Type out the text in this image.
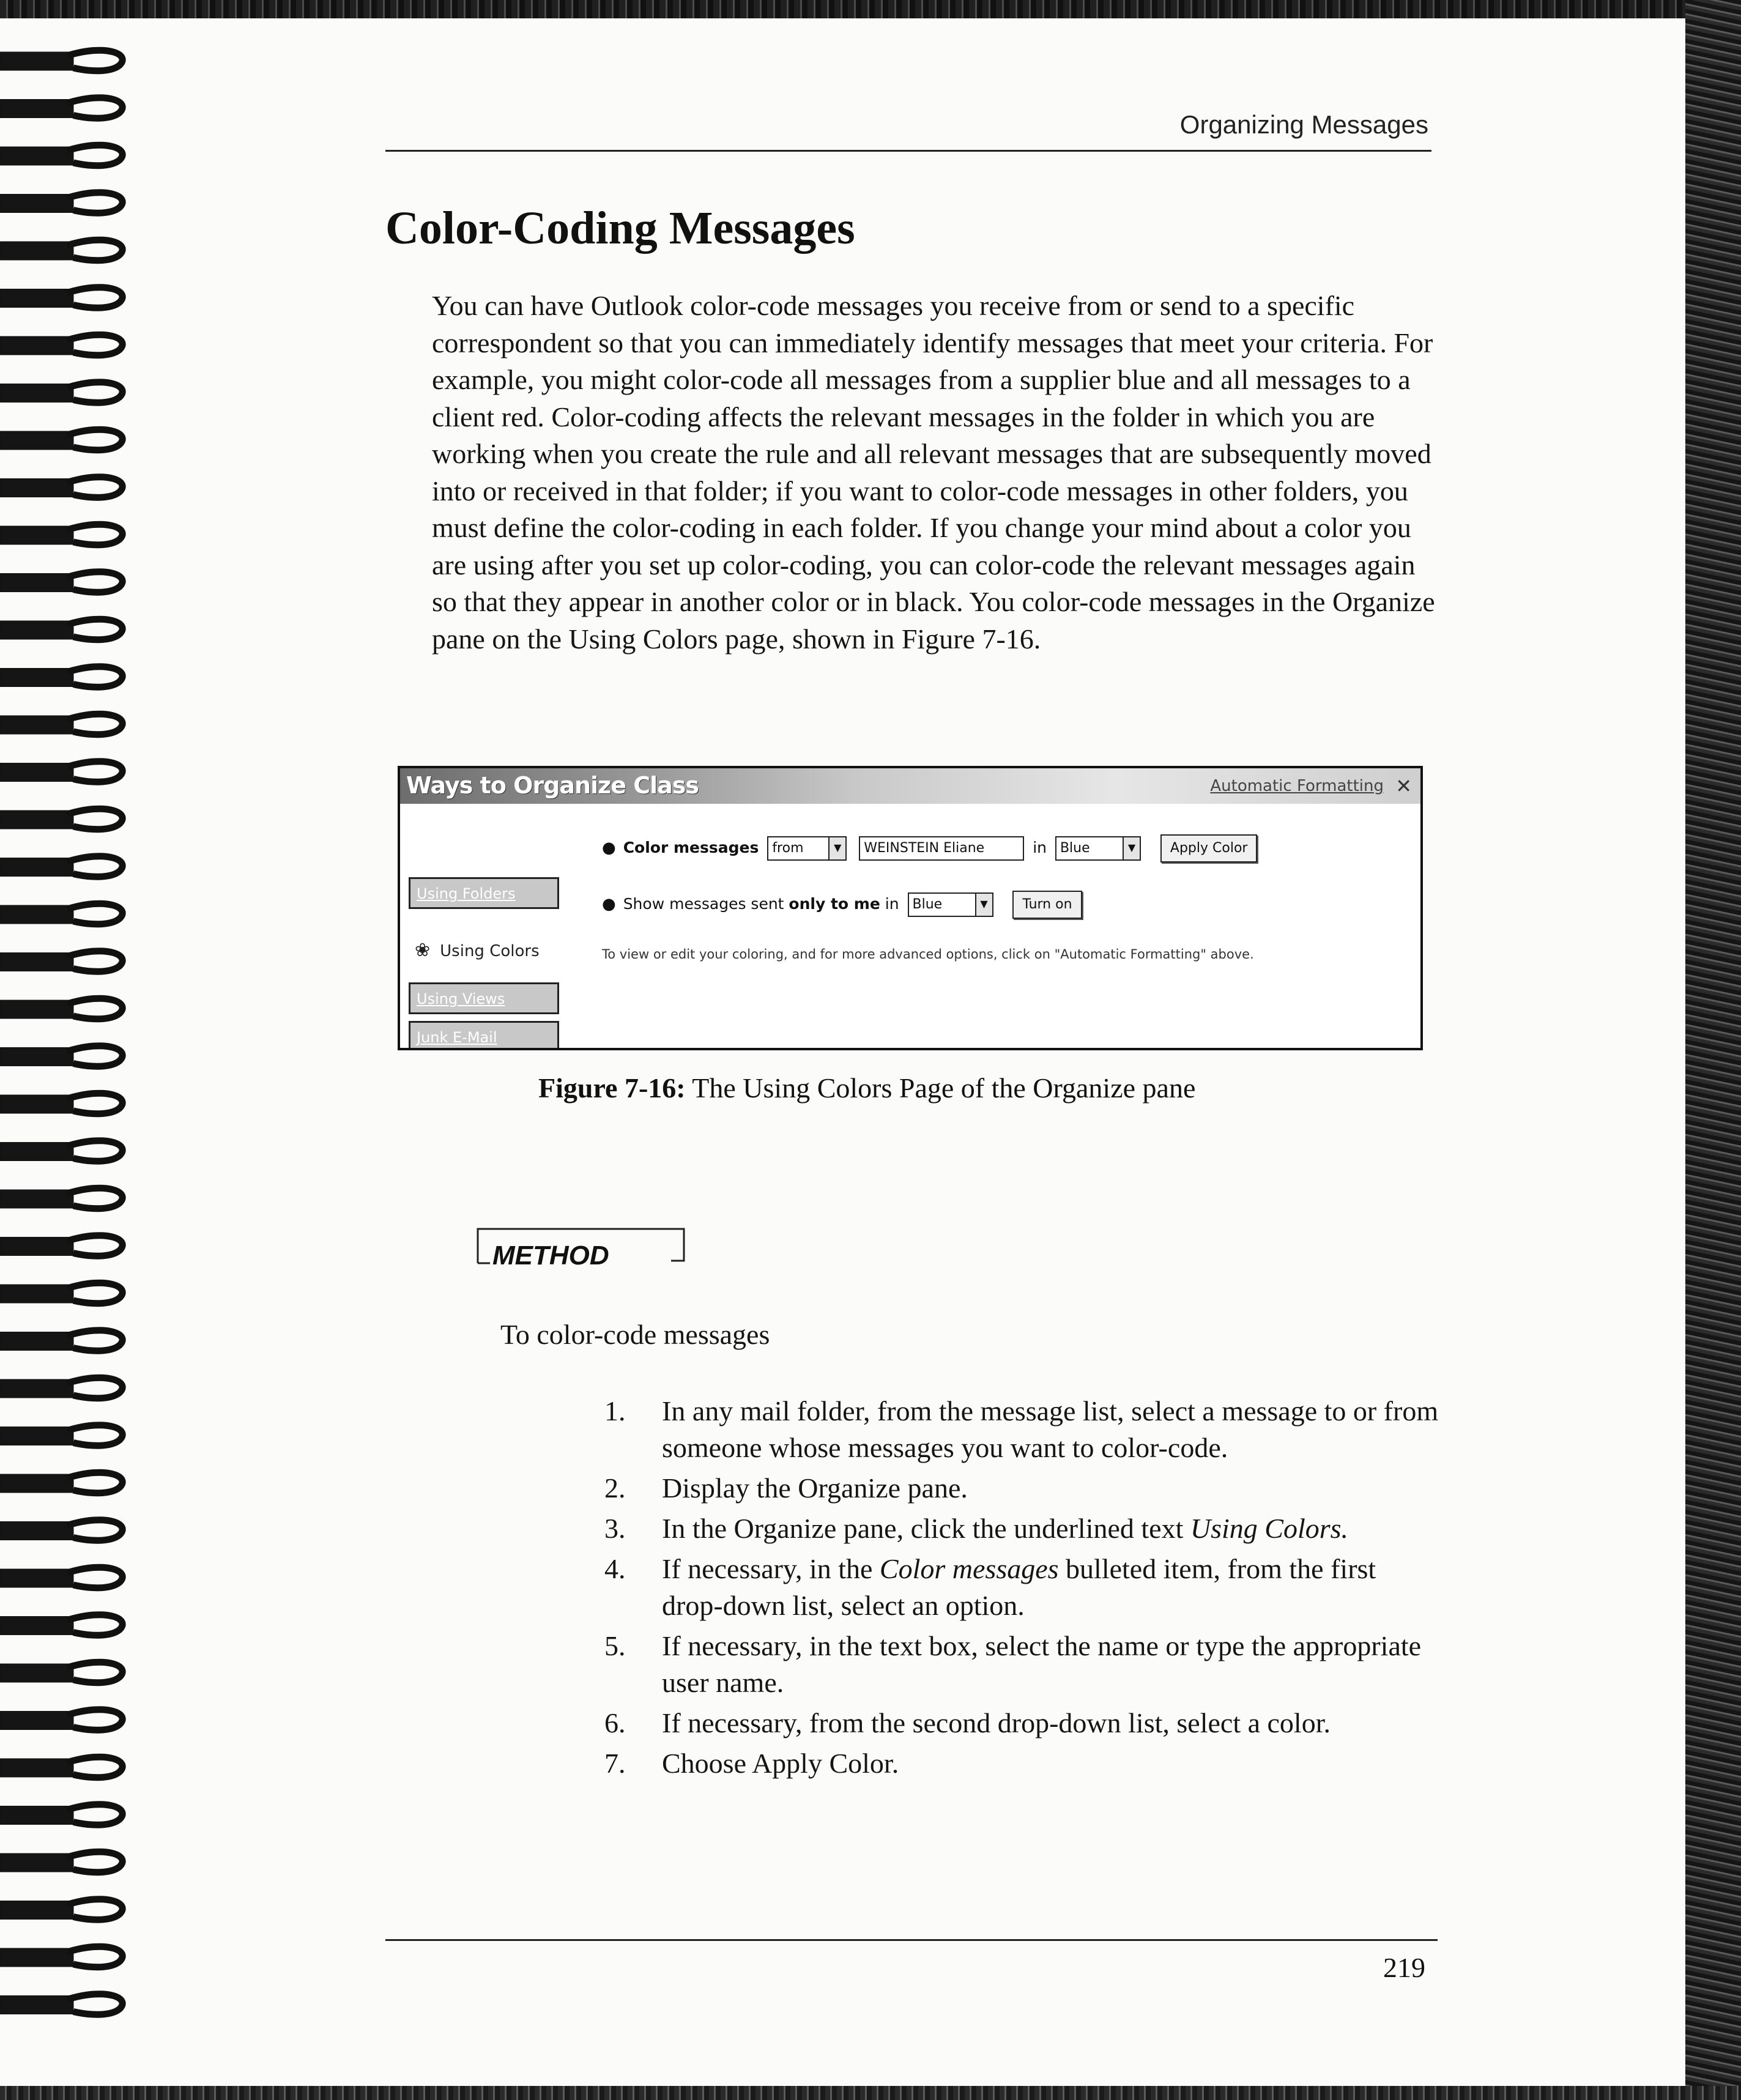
Organizing Messages
Color-Coding Messages

You can have Outlook color-code messages you receive from or send to a specific correspondent so that you can immediately identify messages that meet your criteria. For example, you might color-code all messages from a supplier blue and all messages to a client red. Color-coding affects the relevant messages in the folder in which you are working when you create the rule and all relevant messages that are subsequently moved into or received in that folder; if you want to color-code messages in other folders, you must define the color-coding in each folder. If you change your mind about a color you are using after you set up color-coding, you can color-code the relevant messages again so that they appear in another color or in black. You color-code messages in the Organize pane on the Using Colors page, shown in Figure 7-16.

Ways to Organize Class	Automatic Formatting ✕
Using Folders
❀ Using Colors
Using Views
Junk E-Mail
● Color messages from	▼	WEINSTEIN Eliane	in Blue	▼	Apply Color
● Show messages sent only to me in Blue	▼	Turn on
To view or edit your coloring, and for more advanced options, click on "Automatic Formatting" above.
Figure 7-16: The Using Colors Page of the Organize pane
METHOD

To color-code messages

1. In any mail folder, from the message list, select a message to or from someone whose messages you want to color-code.
2. Display the Organize pane.
3. In the Organize pane, click the underlined text Using Colors.
4. If necessary, in the Color messages bulleted item, from the first drop-down list, select an option.
5. If necessary, in the text box, select the name or type the appropriate user name.
6. If necessary, from the second drop-down list, select a color.
7. Choose Apply Color.
219
